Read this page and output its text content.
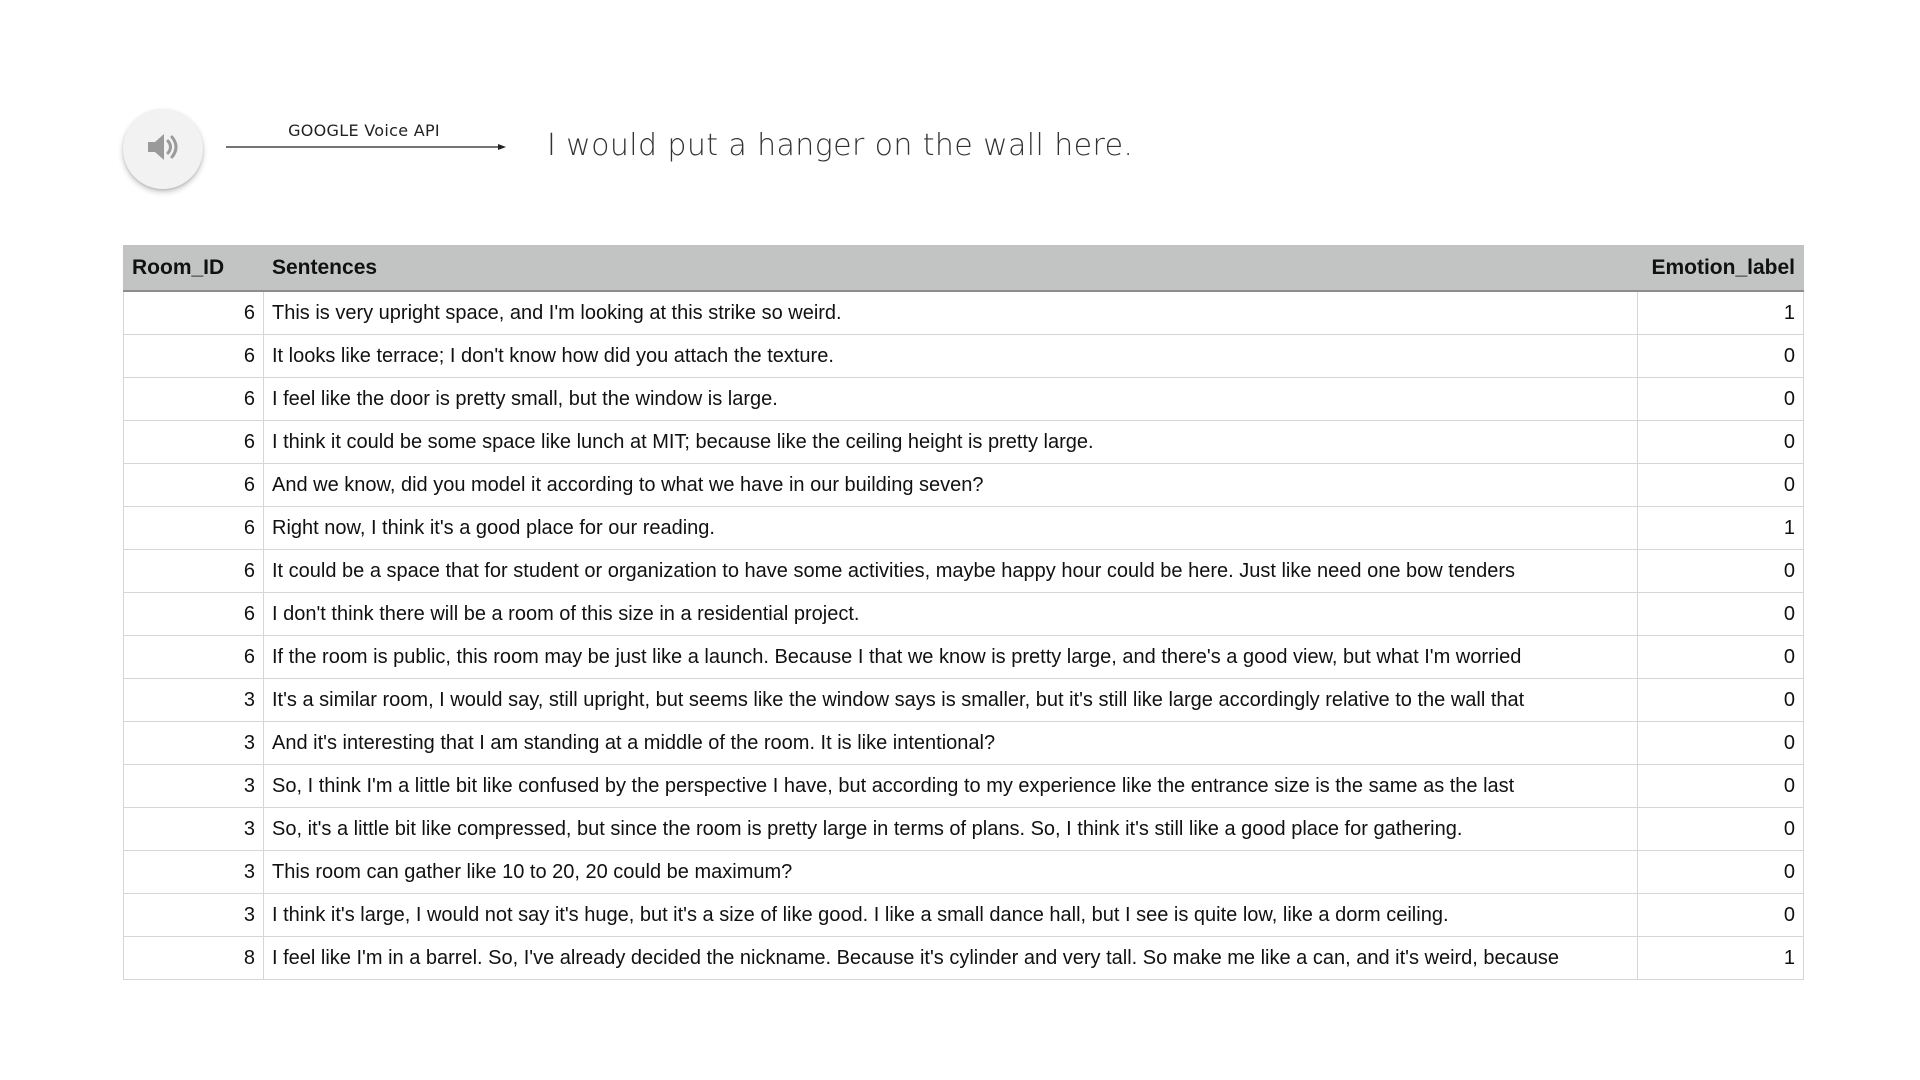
GOOGLE Voice API	I would put a hanger on the wall here.
Room_ID	Sentences	Emotion_label
6	This is very upright space, and I'm looking at this strike so weird.	1
6	It looks like terrace; I don't know how did you attach the texture.	0
6	I feel like the door is pretty small, but the window is large.	0
6	I think it could be some space like lunch at MIT; because like the ceiling height is pretty large.	0
6	And we know, did you model it according to what we have in our building seven?	0
6	Right now, I think it's a good place for our reading.	1
6	It could be a space that for student or organization to have some activities, maybe happy hour could be here. Just like need one bow tenders	0
6	I don't think there will be a room of this size in a residential project.	0
6	If the room is public, this room may be just like a launch. Because I that we know is pretty large, and there's a good view, but what I'm worried	0
3	It's a similar room, I would say, still upright, but seems like the window says is smaller, but it's still like large accordingly relative to the wall that	0
3	And it's interesting that I am standing at a middle of the room. It is like intentional?	0
3	So, I think I'm a little bit like confused by the perspective I have, but according to my experience like the entrance size is the same as the last	0
3	So, it's a little bit like compressed, but since the room is pretty large in terms of plans. So, I think it's still like a good place for gathering.	0
3	This room can gather like 10 to 20, 20 could be maximum?	0
3	I think it's large, I would not say it's huge, but it's a size of like good. I like a small dance hall, but I see is quite low, like a dorm ceiling.	0
8	I feel like I'm in a barrel. So, I've already decided the nickname. Because it's cylinder and very tall. So make me like a can, and it's weird, because	1
